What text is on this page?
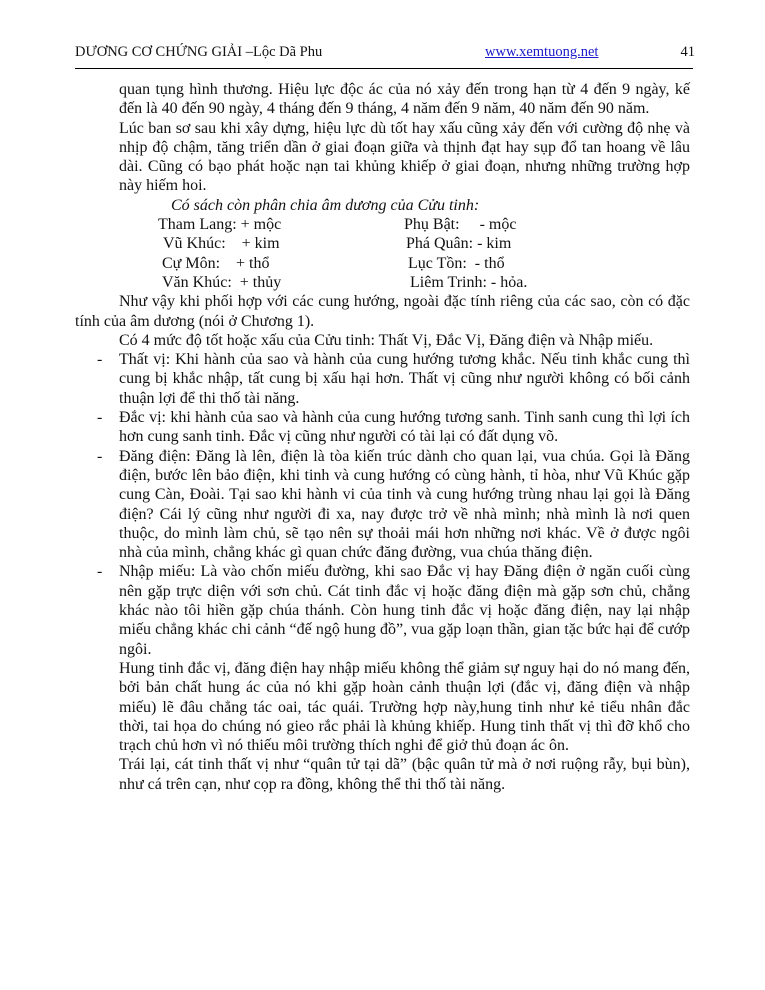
DƯƠNG CƠ CHỨNG GIẢI –Lộc Dã Phu	www.xemtuong.net	41

quan tụng hình thương. Hiệu lực độc ác của nó xảy đến trong hạn từ 4 đến 9 ngày, kế đến là 40 đến 90 ngày, 4 tháng đến 9 tháng, 4 năm đến 9 năm, 40 năm đến 90 năm.

Lúc ban sơ sau khi xây dựng, hiệu lực dù tốt hay xấu cũng xảy đến với cường độ nhẹ và nhịp độ chậm, tăng triển dần ở giai đoạn giữa và thịnh đạt hay sụp đổ tan hoang về lâu dài. Cũng có bạo phát hoặc nạn tai khủng khiếp ở giai đoạn, nhưng những trường hợp này hiếm hoi.

Có sách còn phân chia âm dương của Cửu tinh:

Tham Lang: + mộc	Phụ Bật:     - mộc
Vũ Khúc:    + kim	Phá Quân: - kim
Cự Môn:    + thổ	Lục Tồn:  - thổ
Văn Khúc:  + thủy	Liêm Trinh: - hỏa.

Như vậy khi phối hợp với các cung hướng, ngoài đặc tính riêng của các sao, còn có đặc tính của âm dương (nói ở Chương 1).

Có 4 mức độ tốt hoặc xấu của Cửu tinh: Thất Vị, Đắc Vị, Đăng điện và Nhập miếu.

- Thất vị: Khi hành của sao và hành của cung hướng tương khắc. Nếu tinh khắc cung thì cung bị khắc nhập, tất cung bị xấu hại hơn. Thất vị cũng như người không có bối cảnh thuận lợi để thi thố tài năng.
- Đắc vị: khi hành của sao và hành của cung hướng tương sanh. Tinh sanh cung thì lợi ích hơn cung sanh tinh. Đắc vị cũng như người có tài lại có đất dụng võ.
- Đăng điện: Đăng là lên, điện là tòa kiến trúc dành cho quan lại, vua chúa. Gọi là Đăng điện, bước lên bảo điện, khi tinh và cung hướng có cùng hành, tỉ hòa, như Vũ Khúc gặp cung Càn, Đoài. Tại sao khi hành vi của tinh và cung hướng trùng nhau lại gọi là Đăng điện? Cái lý cũng như người đi xa, nay được trở về nhà mình; nhà mình là nơi quen thuộc, do mình làm chủ, sẽ tạo nên sự thoải mái hơn những nơi khác. Về ở được ngôi nhà của mình, chẳng khác gì quan chức đăng đường, vua chúa thăng điện.
- Nhập miếu: Là vào chốn miếu đường, khi sao Đắc vị hay Đăng điện ở ngăn cuối cùng nên gặp trực diện với sơn chủ. Cát tinh đắc vị hoặc đăng điện mà gặp sơn chủ, chẳng khác nào tôi hiền gặp chúa thánh. Còn hung tinh đắc vị hoặc đăng điện, nay lại nhập miếu chẳng khác chi cảnh “đế ngộ hung đồ”, vua gặp loạn thần, gian tặc bức hại để cướp ngôi.

Hung tinh đắc vị, đăng điện hay nhập miếu không thể giảm sự nguy hại do nó mang đến, bởi bản chất hung ác của nó khi gặp hoàn cảnh thuận lợi (đắc vị, đăng điện và nhập miếu) lẽ đâu chẳng tác oai, tác quái. Trường hợp này,hung tinh như kẻ tiểu nhân đắc thời, tai họa do chúng nó gieo rắc phải là khủng khiếp. Hung tinh thất vị thì đỡ khổ cho trạch chủ hơn vì nó thiếu môi trường thích nghi để giở thủ đoạn ác ôn.

Trái lại, cát tinh thất vị như “quân tử tại dã” (bậc quân tử mà ở nơi ruộng rẫy, bụi bùn), như cá trên cạn, như cọp ra đồng, không thể thi thố tài năng.
